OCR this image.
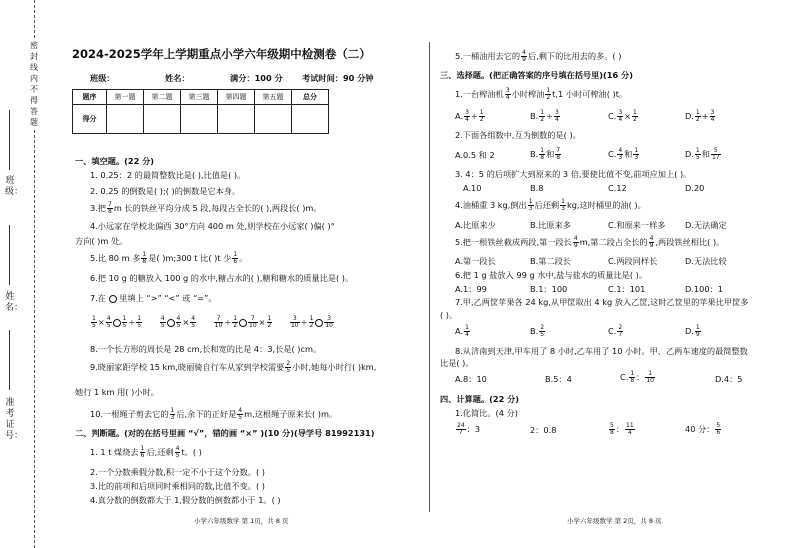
班级：
姓名：
准考证号：
密 封 线 内 不 得 答 题
2024-2025学年上学期重点小学六年级期中检测卷（二）
班级：	姓名：	满分：100 分 考试时间：90 分钟
题序	第一题	第二题	第三题	第四题	第五题	总分
得分						
一、填空题。(22 分)
1. 0.25：2 的最简整数比是( ),比值是( )。
2. 0.25 的倒数是( );( )的倒数是它本身。
3.把 $\frac{7}{8}$ m 长的铁丝平均分成 5 段,每段占全长的( ),两段长( )m。
4.小远家在学校北偏西 30°方向 400 m 处,则学校在小远家( )偏( )°
方向( )m 处。
5.比 80 m 多 $\frac{1}{8}$ 是( )m;300 t 比( )t 少 $\frac{1}{6}$ 。
6.把 10 g 的糖放入 100 g 的水中,糖占水的( ),糖和糖水的质量比是( )。
7.在 里填上 “>” “<” 或 “=”。
$\frac{1}{5} \times \frac{4}{5} \frac{1}{5} \div \frac{1}{5}$
	$\frac{4}{5} \frac{4}{5} \times \frac{4}{5}$
	$\frac{7}{10} \div \frac{1}{2} \frac{7}{10} \times \frac{1}{2}$
	$\frac{3}{10} \div \frac{1}{2} \frac{3}{10}$
8.一个长方形的周长是 28 cm,长和宽的比是 4：3,长是( )cm。
9.晓丽家距学校 15 km,晓丽骑自行车从家到学校需要 $\frac{2}{5}$ 小时,她每小时行( )km,
她行 1 km 用( )小时。
10.一根绳子剪去它的 $\frac{1}{3}$ 后,余下的正好是 $\frac{4}{5} m$,这根绳子原来长( )m。
二、判断题。(对的在括号里画 “√”，错的画 “×” )(10 分)(导学号 81992131)
1. 1 t 煤烧去 $\frac{1}{6}$ 后,还剩 $\frac{4}{5}$ t。( )
2.一个分数乘假分数,积一定不小于这个分数。( )
3.比的前项和后项同时乘相同的数,比值不变。( )
4.真分数的倒数都大于 1,假分数的倒数都小于 1。( )
小学六年级数学 第 1页，共 8 页
5.一桶油用去它的 $\frac{4}{9}$ 后,剩下的比用去的多。( )
三、选择题。(把正确答案的序号填在括号里)(16 分)
1.一台榨油机 $\frac{3}{4}$ 小时榨油 $\frac{1}{2} t,1$ 小时可榨油( )t。
A. $\frac{3}{4} \div \frac{1}{2}$	B. $\frac{1}{2} \div \frac{3}{4}$	C. $\frac{3}{4} \times \frac{1}{2}$	D. $\frac{1}{2} + \frac{3}{4}$
2.下面各组数中,互为倒数的是( )。
A.0.5 和 2	B. $\frac{1}{8}$ 和 $\frac{7}{8}$	C. $\frac{4}{3}$ 和 $\frac{1}{3}$	D. $\frac{1}{5}$ 和 $\frac{5}{17}$
3. 4：5 的后项扩大到原来的 3 倍,要使比值不变,前项应加上( )。
A.10	B.8	C.12	D.20
4.油桶重 3 kg,倒出 $\frac{1}{3}$ 后还剩 $\frac{1}{3}$ kg,这时桶里的油( )。
A.比原来少	B.比原来多	C.和原来一样多 D.无法确定
5.把一根铁丝截成两段,第一段长 $\frac{4}{9} m$,第二段占全长的 $\frac{4}{9}$ ,两段铁丝相比( )。
A.第一段长	B.第二段长	C.两段同样长	D.无法比较
6.把 1 g 盐放入 99 g 水中,盐与盐水的质量比是( )。
A.1：99	B.1：100	C.1：101	D.100：1
7.甲,乙两筐苹果各 24 kg,从甲筐取出 4 kg 放入乙筐,这时乙筐里的苹果比甲筐多
( )。
A. $\frac{1}{4}$	B. $\frac{2}{5}$	C. $\frac{2}{7}$	D. $\frac{1}{9}$
8.从济南到天津,甲车用了 8 小时,乙车用了 10 小时。甲、乙两车速度的最简整数
比是( )。
A.8：10	B.5：4	C. $\frac{1}{8}$ ： $\frac{1}{10}$	D.4：5
四、计算题。(22 分)
1.化简比。(4 分)
$\frac{24}{7}$ ：3	2：0.8	$\frac{5}{8}$ ： $\frac{11}{4}$	40 分： $\frac{5}{6}$
小学六年级数学 第 2页，共 8 页
